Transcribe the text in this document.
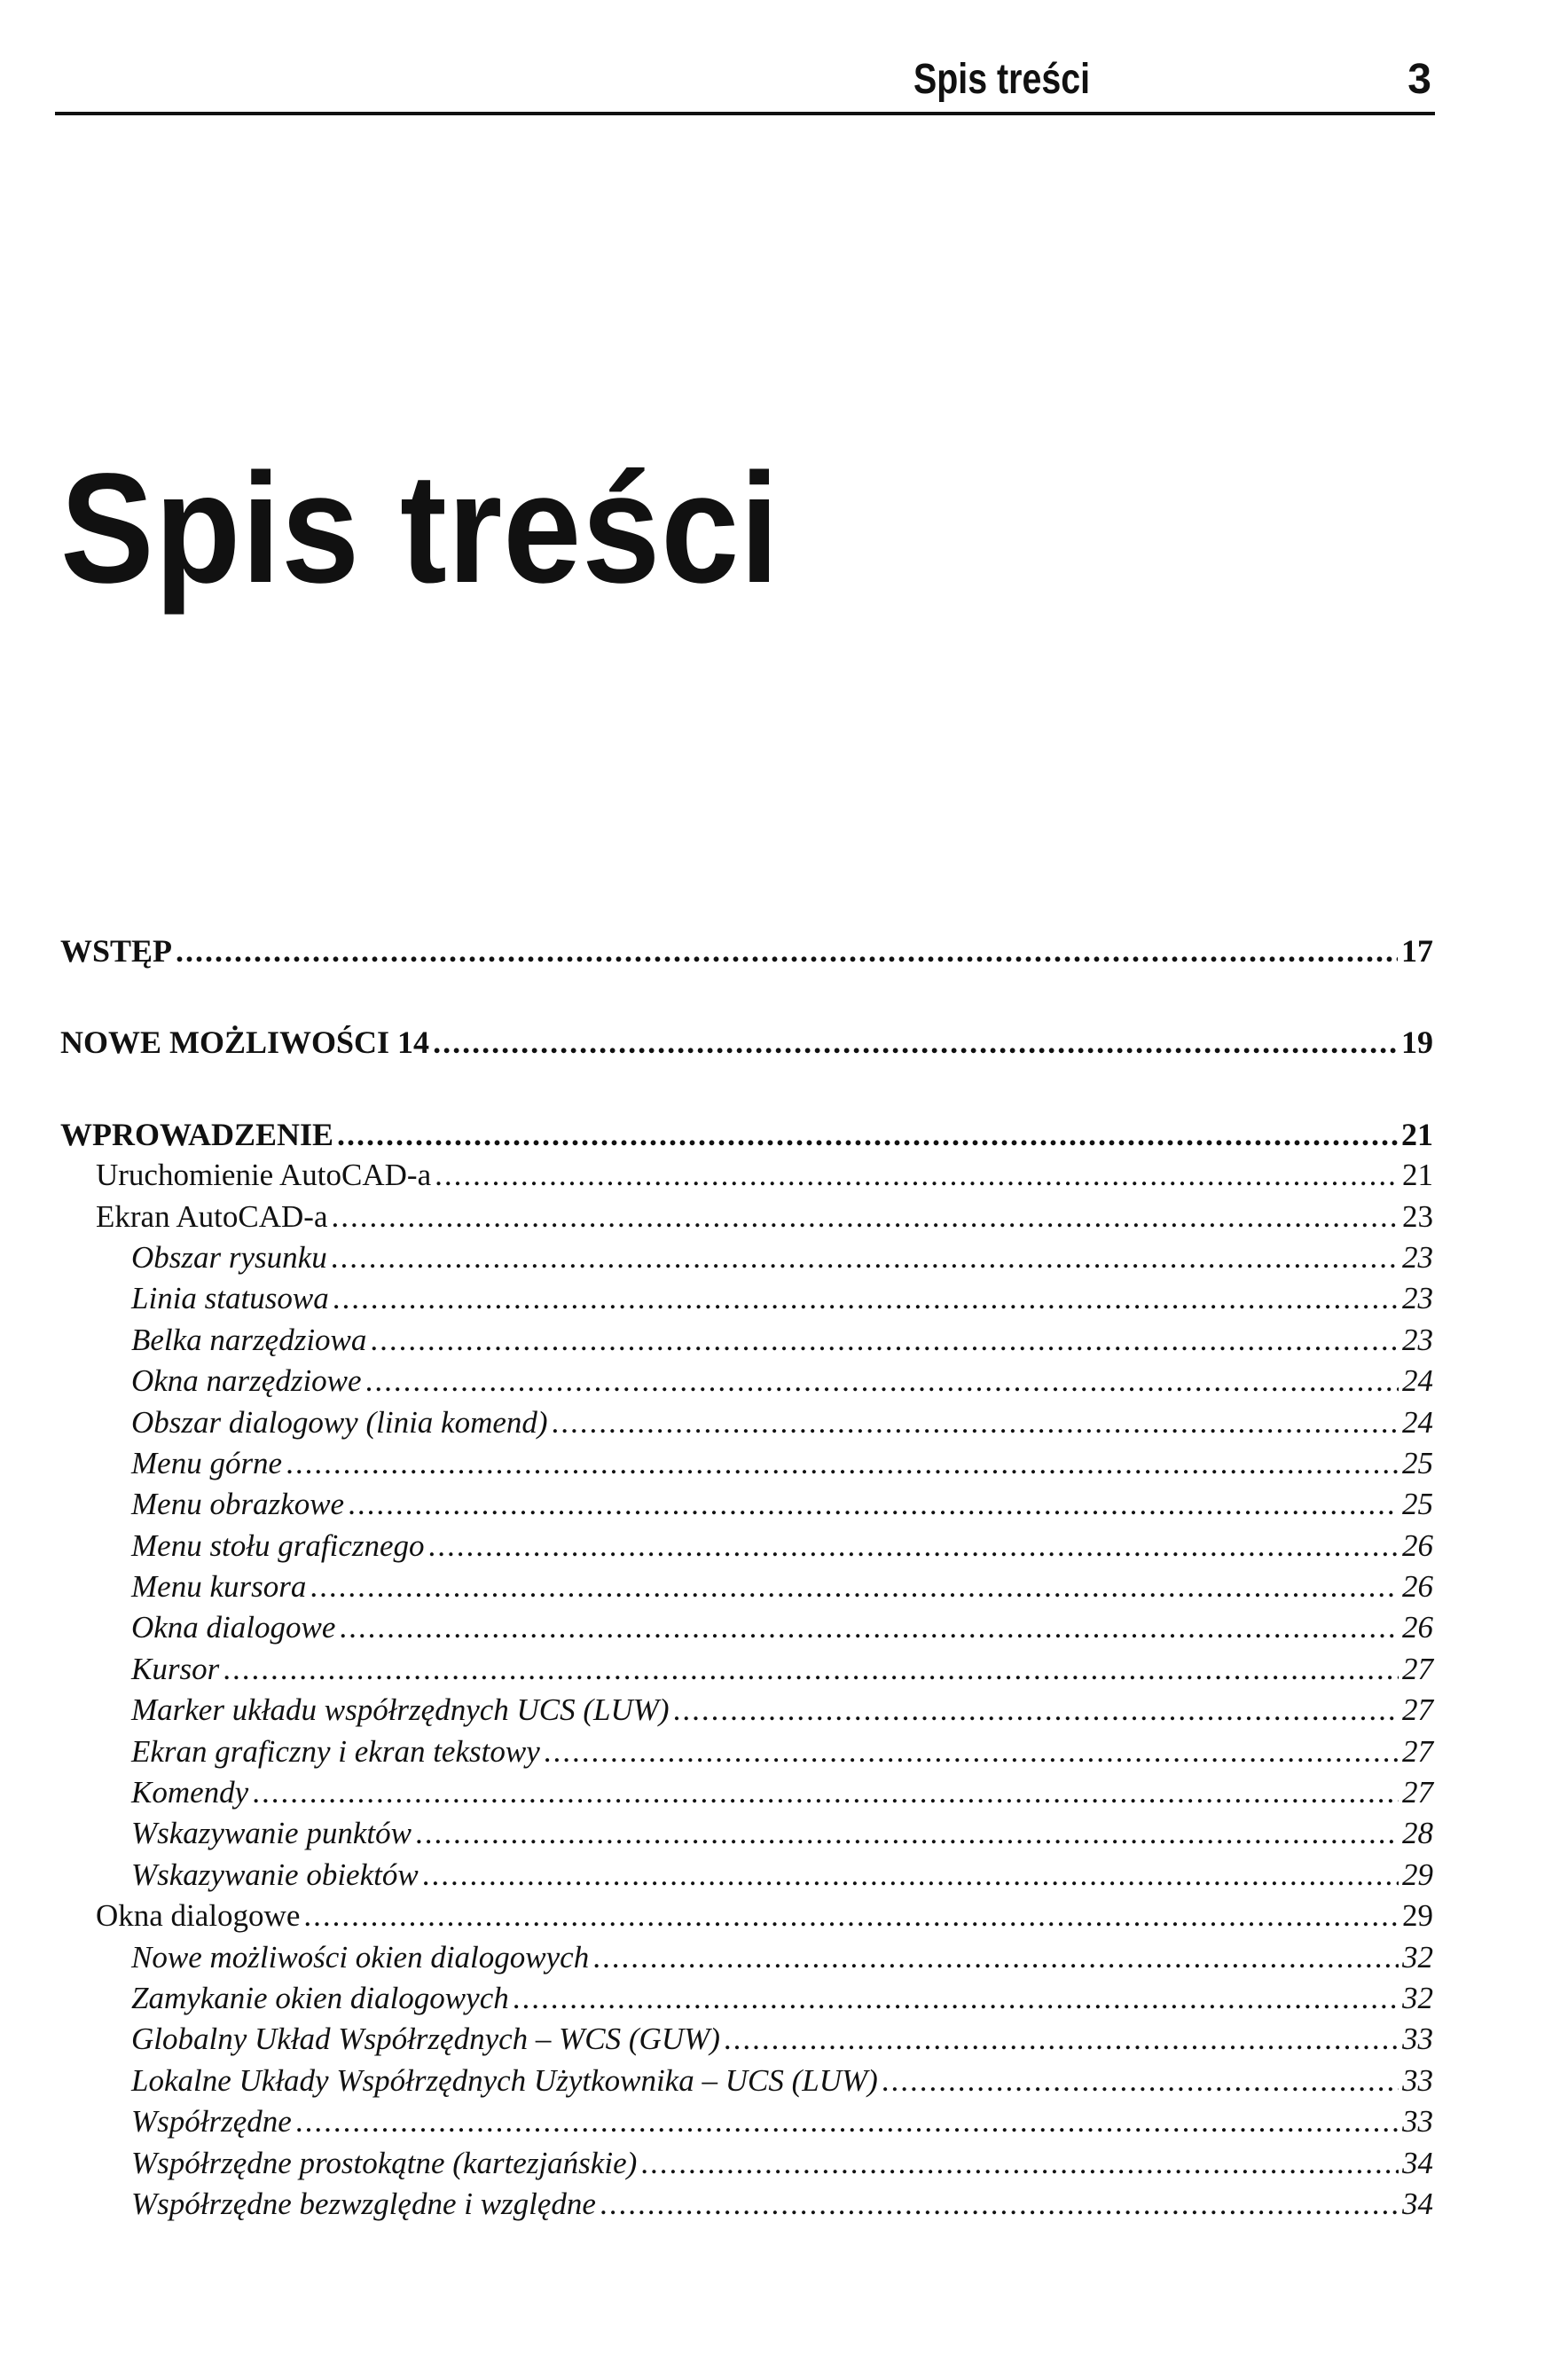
Spis treści	3
Spis treści
WSTĘP .....	17
NOWE MOŻLIWOŚCI 14 .....	19
WPROWADZENIE .....	21
Uruchomienie AutoCAD-a .....	21
Ekran AutoCAD-a .....	23
Obszar rysunku .....	23
Linia statusowa .....	23
Belka narzędziowa .....	23
Okna narzędziowe .....	24
Obszar dialogowy (linia komend) .....	24
Menu górne .....	25
Menu obrazkowe .....	25
Menu stołu graficznego .....	26
Menu kursora .....	26
Okna dialogowe .....	26
Kursor .....	27
Marker układu współrzędnych UCS (LUW) .....	27
Ekran graficzny i ekran tekstowy .....	27
Komendy .....	27
Wskazywanie punktów .....	28
Wskazywanie obiektów .....	29
Okna dialogowe .....	29
Nowe możliwości okien dialogowych .....	32
Zamykanie okien dialogowych .....	32
Globalny Układ Współrzędnych – WCS (GUW) .....	33
Lokalne Układy Współrzędnych Użytkownika – UCS (LUW) .....	33
Współrzędne .....	33
Współrzędne prostokątne (kartezjańskie) .....	34
Współrzędne bezwzględne i względne .....	34
